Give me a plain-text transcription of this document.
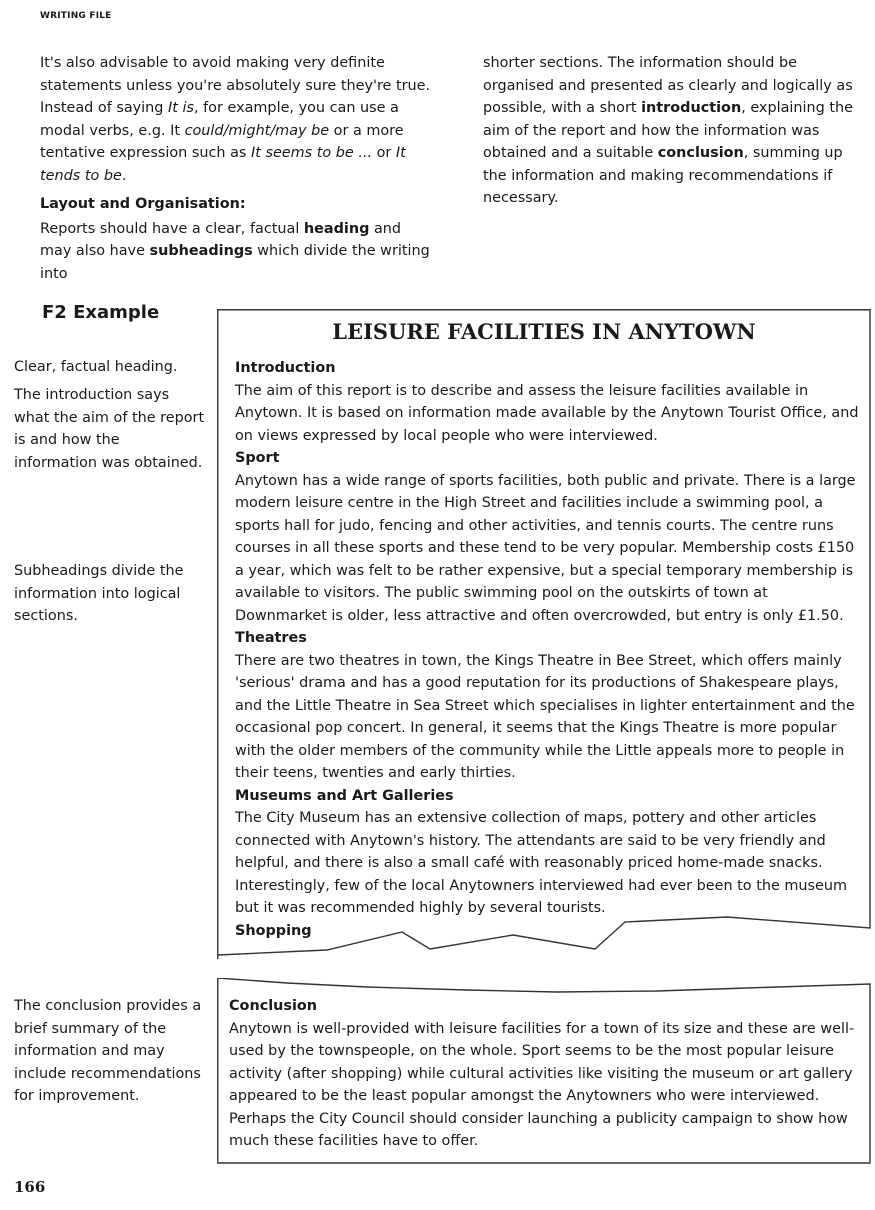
WRITING FILE

It's also advisable to avoid making very definite statements unless you're absolutely sure they're true. Instead of saying It is, for example, you can use a modal verbs, e.g. It could/might/may be or a more tentative expression such as It seems to be ... or It tends to be.

Layout and Organisation:

Reports should have a clear, factual heading and may also have subheadings which divide the writing into

shorter sections. The information should be organised and presented as clearly and logically as possible, with a short introduction, explaining the aim of the report and how the information was obtained and a suitable conclusion, summing up the information and making recommendations if necessary.

F2 Example

Clear, factual heading.

The introduction says what the aim of the report is and how the information was obtained.

Subheadings divide the information into logical sections.

The conclusion provides a brief summary of the information and may include recommendations for improvement.

LEISURE FACILITIES IN ANYTOWN

Introduction

The aim of this report is to describe and assess the leisure facilities available in Anytown. It is based on information made available by the Anytown Tourist Office, and on views expressed by local people who were interviewed.

Sport

Anytown has a wide range of sports facilities, both public and private. There is a large modern leisure centre in the High Street and facilities include a swimming pool, a sports hall for judo, fencing and other activities, and tennis courts. The centre runs courses in all these sports and these tend to be very popular. Membership costs £150 a year, which was felt to be rather expensive, but a special temporary membership is available to visitors. The public swimming pool on the outskirts of town at Downmarket is older, less attractive and often overcrowded, but entry is only £1.50.

Theatres

There are two theatres in town, the Kings Theatre in Bee Street, which offers mainly 'serious' drama and has a good reputation for its productions of Shakespeare plays, and the Little Theatre in Sea Street which specialises in lighter entertainment and the occasional pop concert. In general, it seems that the Kings Theatre is more popular with the older members of the community while the Little appeals more to people in their teens, twenties and early thirties.

Museums and Art Galleries

The City Museum has an extensive collection of maps, pottery and other articles connected with Anytown's history. The attendants are said to be very friendly and helpful, and there is also a small café with reasonably priced home-made snacks. Interestingly, few of the local Anytowners interviewed had ever been to the museum but it was recommended highly by several tourists.

Shopping

Conclusion

Anytown is well-provided with leisure facilities for a town of its size and these are well-used by the townspeople, on the whole. Sport seems to be the most popular leisure activity (after shopping) while cultural activities like visiting the museum or art gallery appeared to be the least popular amongst the Anytowners who were interviewed. Perhaps the City Council should consider launching a publicity campaign to show how much these facilities have to offer.

166
